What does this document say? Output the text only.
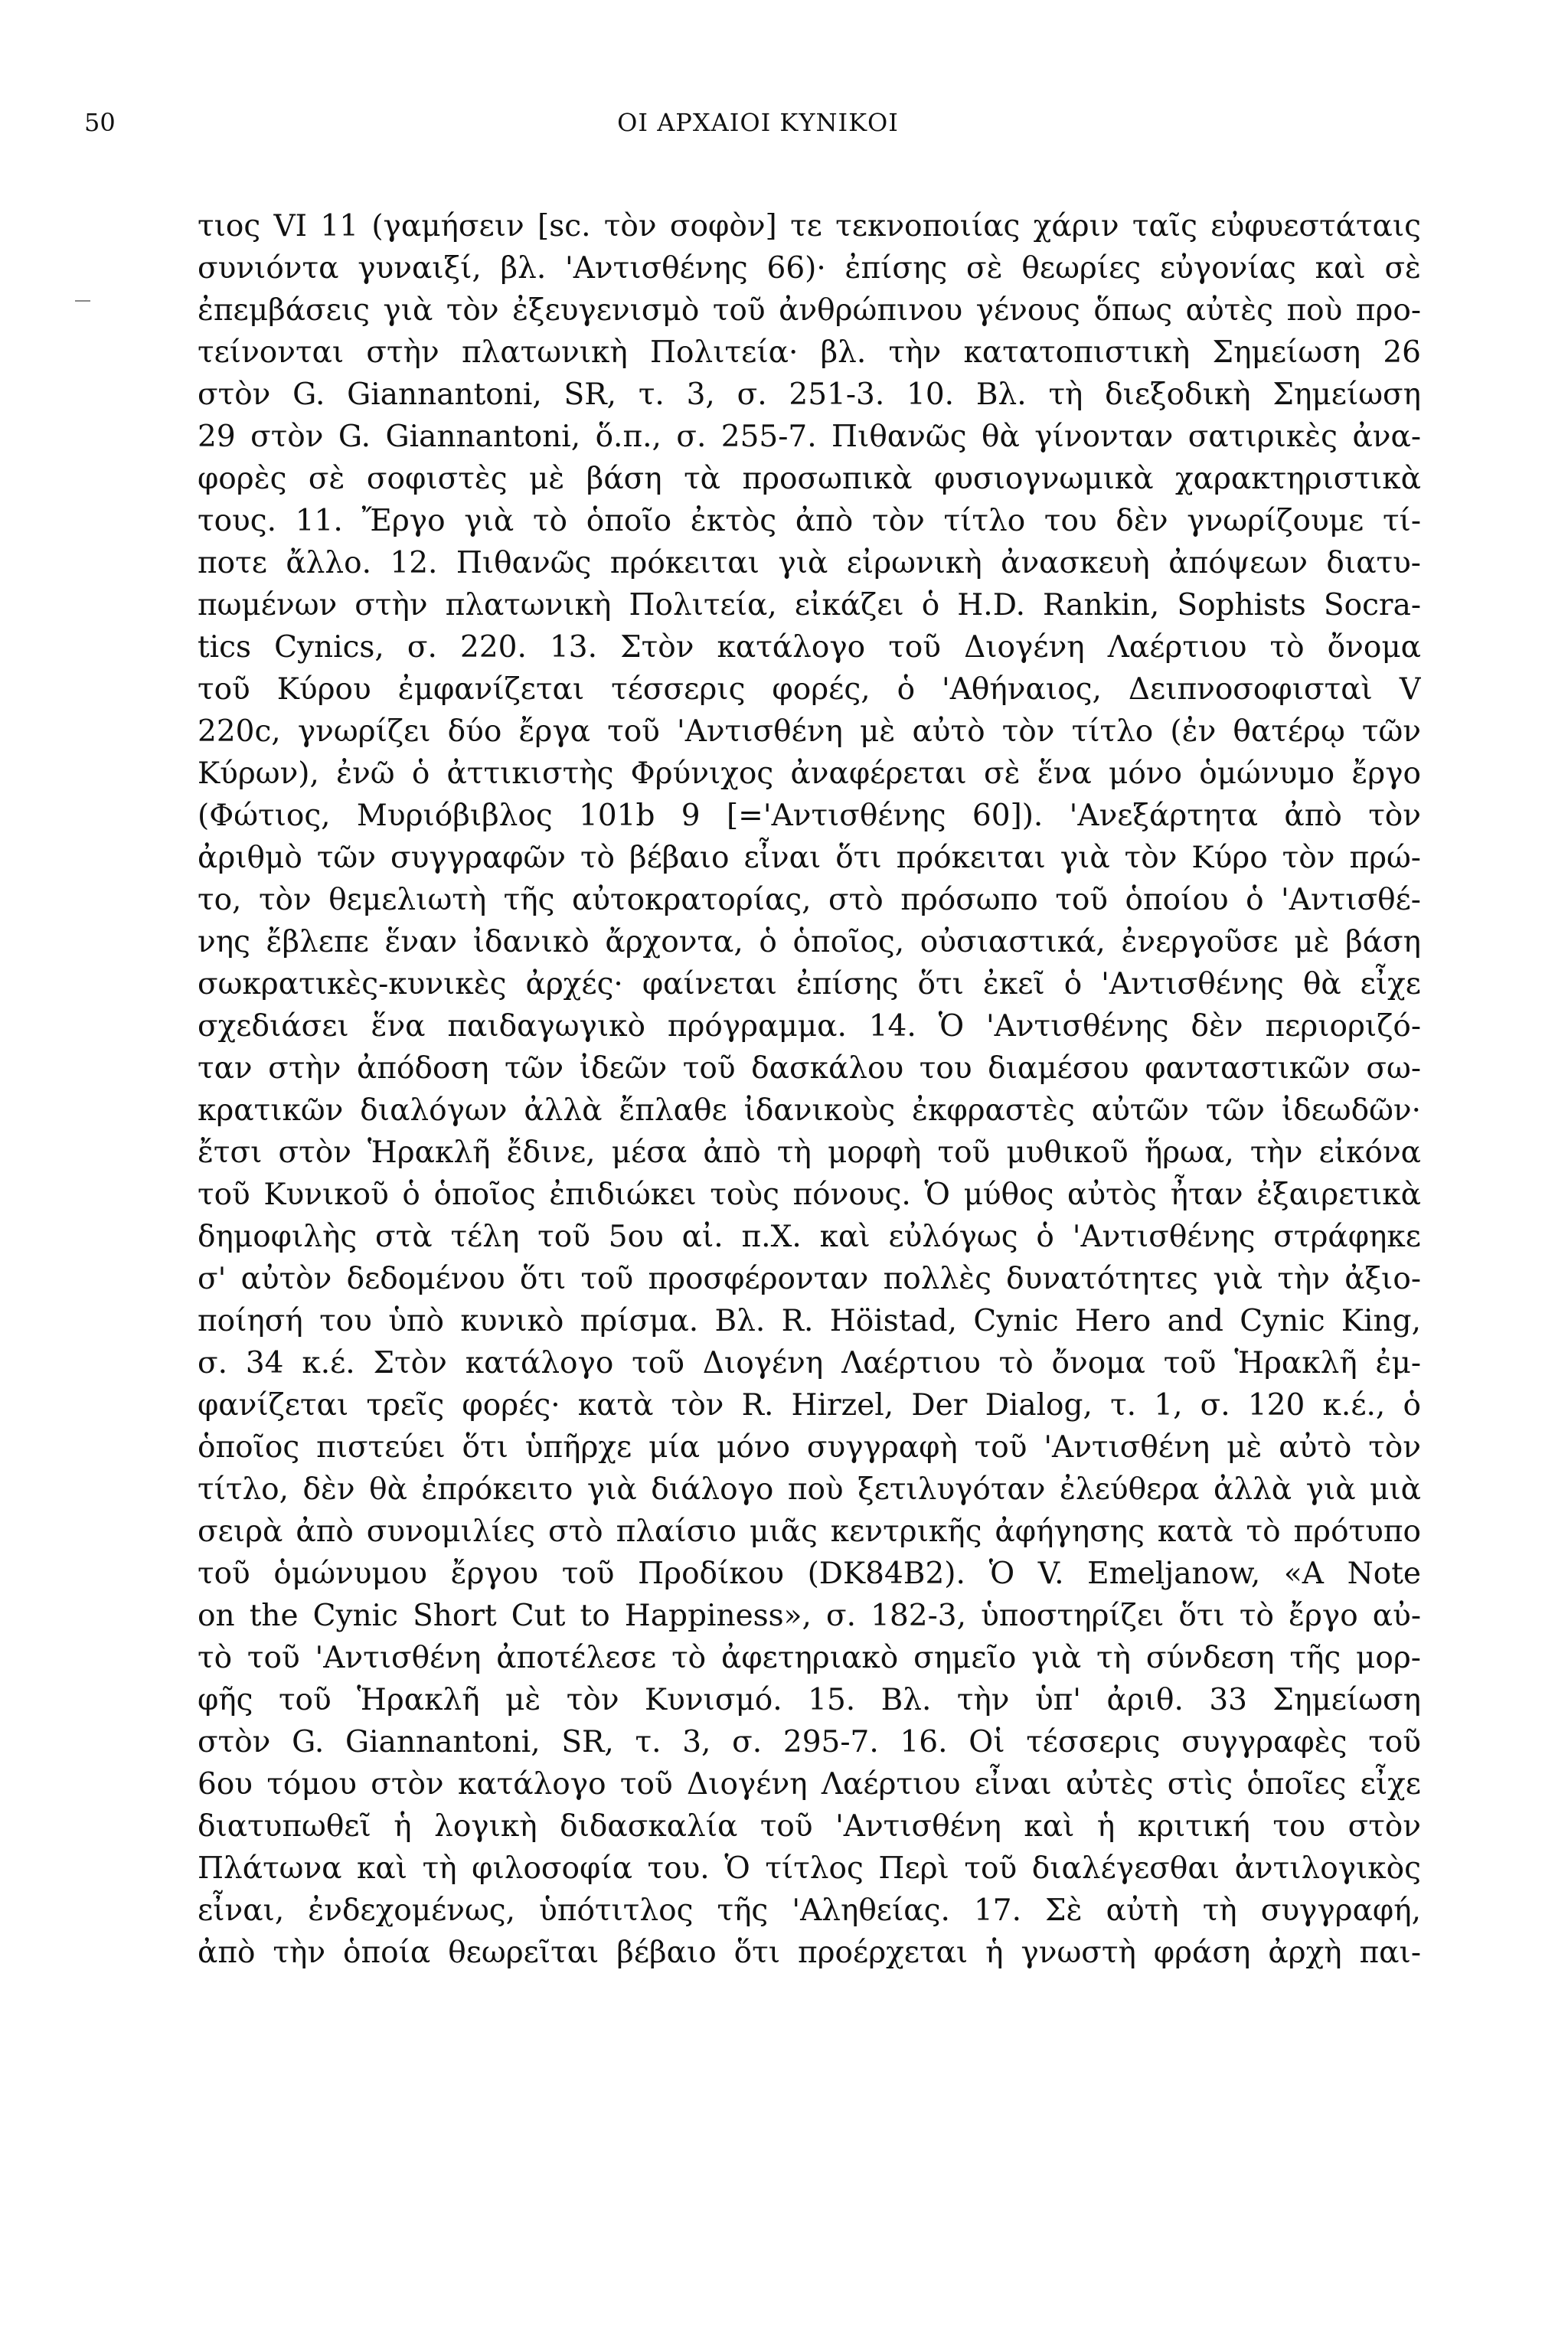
50	ΟΙ ΑΡΧΑΙΟΙ ΚΥΝΙΚΟΙ
τιος VI 11 (γαμήσειν [sc. τὸν σοφὸν] τε τεκνοποιίας χάριν ταῖς εὐφυεστάταις
συνιόντα γυναιξί, βλ. 'Αντισθένης 66)· ἐπίσης σὲ θεωρίες εὐγονίας καὶ σὲ
ἐπεμβάσεις γιὰ τὸν ἐξευγενισμὸ τοῦ ἀνθρώπινου γένους ὅπως αὐτὲς ποὺ προ-
τείνονται στὴν πλατωνικὴ Πολιτεία· βλ. τὴν κατατοπιστικὴ Σημείωση 26
στὸν G. Giannantoni, SR, τ. 3, σ. 251-3. 10. Βλ. τὴ διεξοδικὴ Σημείωση
29 στὸν G. Giannantoni, ὅ.π., σ. 255-7. Πιθανῶς θὰ γίνονταν σατιρικὲς ἀνα-
φορὲς σὲ σοφιστὲς μὲ βάση τὰ προσωπικὰ φυσιογνωμικὰ χαρακτηριστικὰ
τους. 11. Ἔργο γιὰ τὸ ὁποῖο ἐκτὸς ἀπὸ τὸν τίτλο του δὲν γνωρίζουμε τί-
ποτε ἄλλο. 12. Πιθανῶς πρόκειται γιὰ εἰρωνικὴ ἀνασκευὴ ἀπόψεων διατυ-
πωμένων στὴν πλατωνικὴ Πολιτεία, εἰκάζει ὁ H.D. Rankin, Sophists Socra-
tics Cynics, σ. 220. 13. Στὸν κατάλογο τοῦ Διογένη Λαέρτιου τὸ ὄνομα
τοῦ Κύρου ἐμφανίζεται τέσσερις φορές, ὁ 'Αθήναιος, Δειπνοσοφισταὶ V
220c, γνωρίζει δύο ἔργα τοῦ 'Αντισθένη μὲ αὐτὸ τὸν τίτλο (ἐν θατέρῳ τῶν
Κύρων), ἐνῶ ὁ ἀττικιστὴς Φρύνιχος ἀναφέρεται σὲ ἕνα μόνο ὁμώνυμο ἔργο
(Φώτιος, Μυριόβιβλος 101b 9 [='Αντισθένης 60]). 'Ανεξάρτητα ἀπὸ τὸν
ἀριθμὸ τῶν συγγραφῶν τὸ βέβαιο εἶναι ὅτι πρόκειται γιὰ τὸν Κύρο τὸν πρώ-
το, τὸν θεμελιωτὴ τῆς αὐτοκρατορίας, στὸ πρόσωπο τοῦ ὁποίου ὁ 'Αντισθέ-
νης ἔβλεπε ἕναν ἰδανικὸ ἄρχοντα, ὁ ὁποῖος, οὐσιαστικά, ἐνεργοῦσε μὲ βάση
σωκρατικὲς-κυνικὲς ἀρχές· φαίνεται ἐπίσης ὅτι ἐκεῖ ὁ 'Αντισθένης θὰ εἶχε
σχεδιάσει ἕνα παιδαγωγικὸ πρόγραμμα. 14. Ὁ 'Αντισθένης δὲν περιοριζό-
ταν στὴν ἀπόδοση τῶν ἰδεῶν τοῦ δασκάλου του διαμέσου φανταστικῶν σω-
κρατικῶν διαλόγων ἀλλὰ ἔπλαθε ἰδανικοὺς ἐκφραστὲς αὐτῶν τῶν ἰδεωδῶν·
ἔτσι στὸν Ἡρακλῆ ἔδινε, μέσα ἀπὸ τὴ μορφὴ τοῦ μυθικοῦ ἥρωα, τὴν εἰκόνα
τοῦ Κυνικοῦ ὁ ὁποῖος ἐπιδιώκει τοὺς πόνους. Ὁ μύθος αὐτὸς ἦταν ἐξαιρετικὰ
δημοφιλὴς στὰ τέλη τοῦ 5ου αἰ. π.Χ. καὶ εὐλόγως ὁ 'Αντισθένης στράφηκε
σ' αὐτὸν δεδομένου ὅτι τοῦ προσφέρονταν πολλὲς δυνατότητες γιὰ τὴν ἀξιο-
ποίησή του ὑπὸ κυνικὸ πρίσμα. Βλ. R. Höistad, Cynic Hero and Cynic King,
σ. 34 κ.έ. Στὸν κατάλογο τοῦ Διογένη Λαέρτιου τὸ ὄνομα τοῦ Ἡρακλῆ ἐμ-
φανίζεται τρεῖς φορές· κατὰ τὸν R. Hirzel, Der Dialog, τ. 1, σ. 120 κ.έ., ὁ
ὁποῖος πιστεύει ὅτι ὑπῆρχε μία μόνο συγγραφὴ τοῦ 'Αντισθένη μὲ αὐτὸ τὸν
τίτλο, δὲν θὰ ἐπρόκειτο γιὰ διάλογο ποὺ ξετιλυγόταν ἐλεύθερα ἀλλὰ γιὰ μιὰ
σειρὰ ἀπὸ συνομιλίες στὸ πλαίσιο μιᾶς κεντρικῆς ἀφήγησης κατὰ τὸ πρότυπο
τοῦ ὁμώνυμου ἔργου τοῦ Προδίκου (DK84B2). Ὁ V. Emeljanow, «A Note
on the Cynic Short Cut to Happiness», σ. 182-3, ὑποστηρίζει ὅτι τὸ ἔργο αὐ-
τὸ τοῦ 'Αντισθένη ἀποτέλεσε τὸ ἀφετηριακὸ σημεῖο γιὰ τὴ σύνδεση τῆς μορ-
φῆς τοῦ Ἡρακλῆ μὲ τὸν Κυνισμό. 15. Βλ. τὴν ὑπ' ἀριθ. 33 Σημείωση
στὸν G. Giannantoni, SR, τ. 3, σ. 295-7. 16. Οἱ τέσσερις συγγραφὲς τοῦ
6ου τόμου στὸν κατάλογο τοῦ Διογένη Λαέρτιου εἶναι αὐτὲς στὶς ὁποῖες εἶχε
διατυπωθεῖ ἡ λογικὴ διδασκαλία τοῦ 'Αντισθένη καὶ ἡ κριτική του στὸν
Πλάτωνα καὶ τὴ φιλοσοφία του. Ὁ τίτλος Περὶ τοῦ διαλέγεσθαι ἀντιλογικὸς
εἶναι, ἐνδεχομένως, ὑπότιτλος τῆς 'Αληθείας. 17. Σὲ αὐτὴ τὴ συγγραφή,
ἀπὸ τὴν ὁποία θεωρεῖται βέβαιο ὅτι προέρχεται ἡ γνωστὴ φράση ἀρχὴ παι-
